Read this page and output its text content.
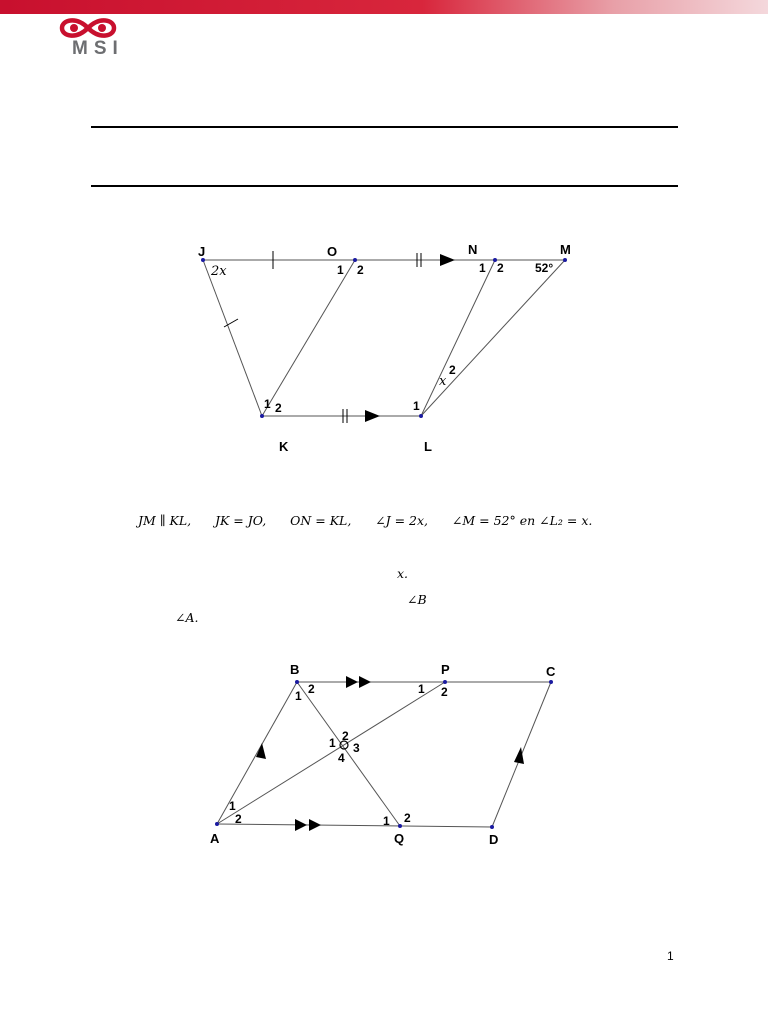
MSI
J	O	N	M
K	L
2x	1 2	1 2	52°
1 2	1
2
x
JM ∥ KL,      JK = JO,      ON = KL,      ∠J = 2x,      ∠M = 52° en ∠L₂ = x.
x.
∠B
∠A.
B	P	C
A	Q	D
1 2	1 2
1 2
3
4
1
2	1 2
1
